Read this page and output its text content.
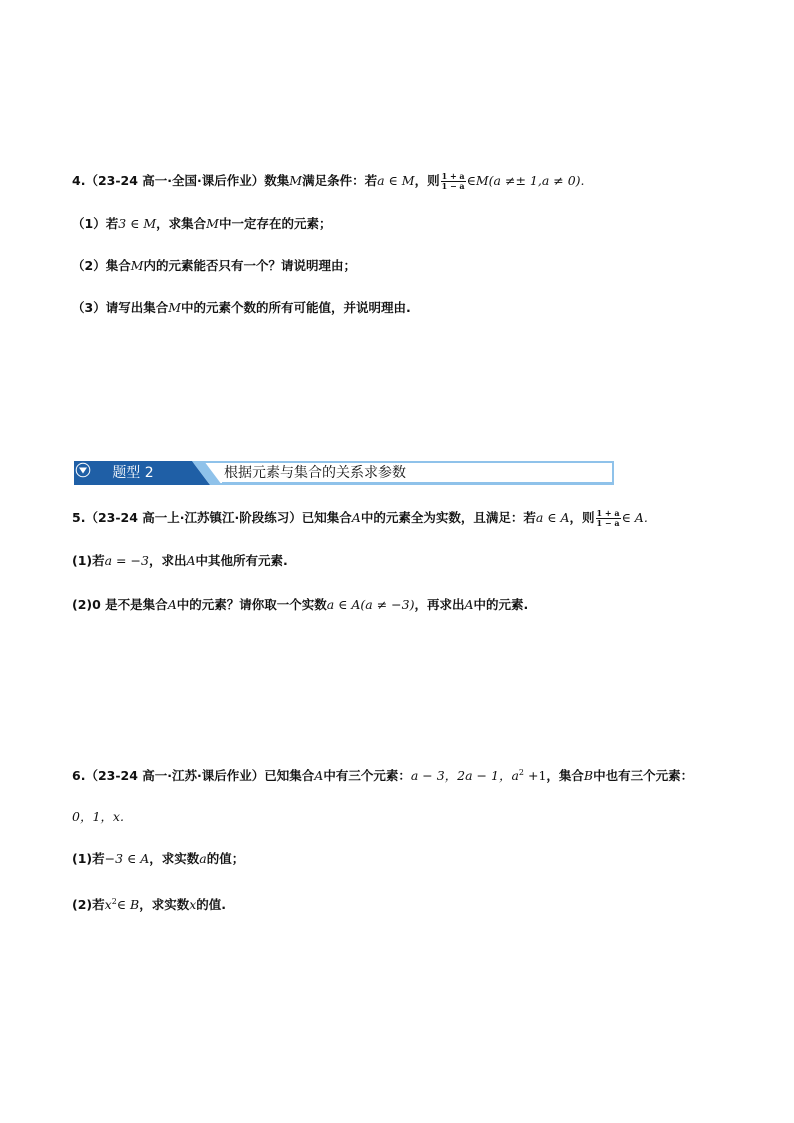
4.（23-24 高一·全国·课后作业）数集M满足条件：若a ∈ M，则 $\frac{1 + a}{1 - a}$ ∈M(a ≠± 1,a ≠ 0).
（1）若3 ∈ M，求集合M中一定存在的元素；
（2）集合M内的元素能否只有一个？请说明理由；
（3）请写出集合M中的元素个数的所有可能值，并说明理由.
题型 2	根据元素与集合的关系求参数
5.（23-24 高一上·江苏镇江·阶段练习）已知集合A中的元素全为实数，且满足：若a ∈ A，则 $\frac{1 + a}{1 - a}$ ∈ A.
(1)若a = −3，求出A中其他所有元素.
(2)0 是不是集合A中的元素？请你取一个实数a ∈ A(a ≠ −3)，再求出A中的元素.
6.（23-24 高一·江苏·课后作业）已知集合A中有三个元素：a − 3，2a − 1，$a^2 +1$，集合B中也有三个元素：
0，1，x.
(1)若−3 ∈ A，求实数a的值；
(2)若$x^2\in$ B，求实数x的值.
